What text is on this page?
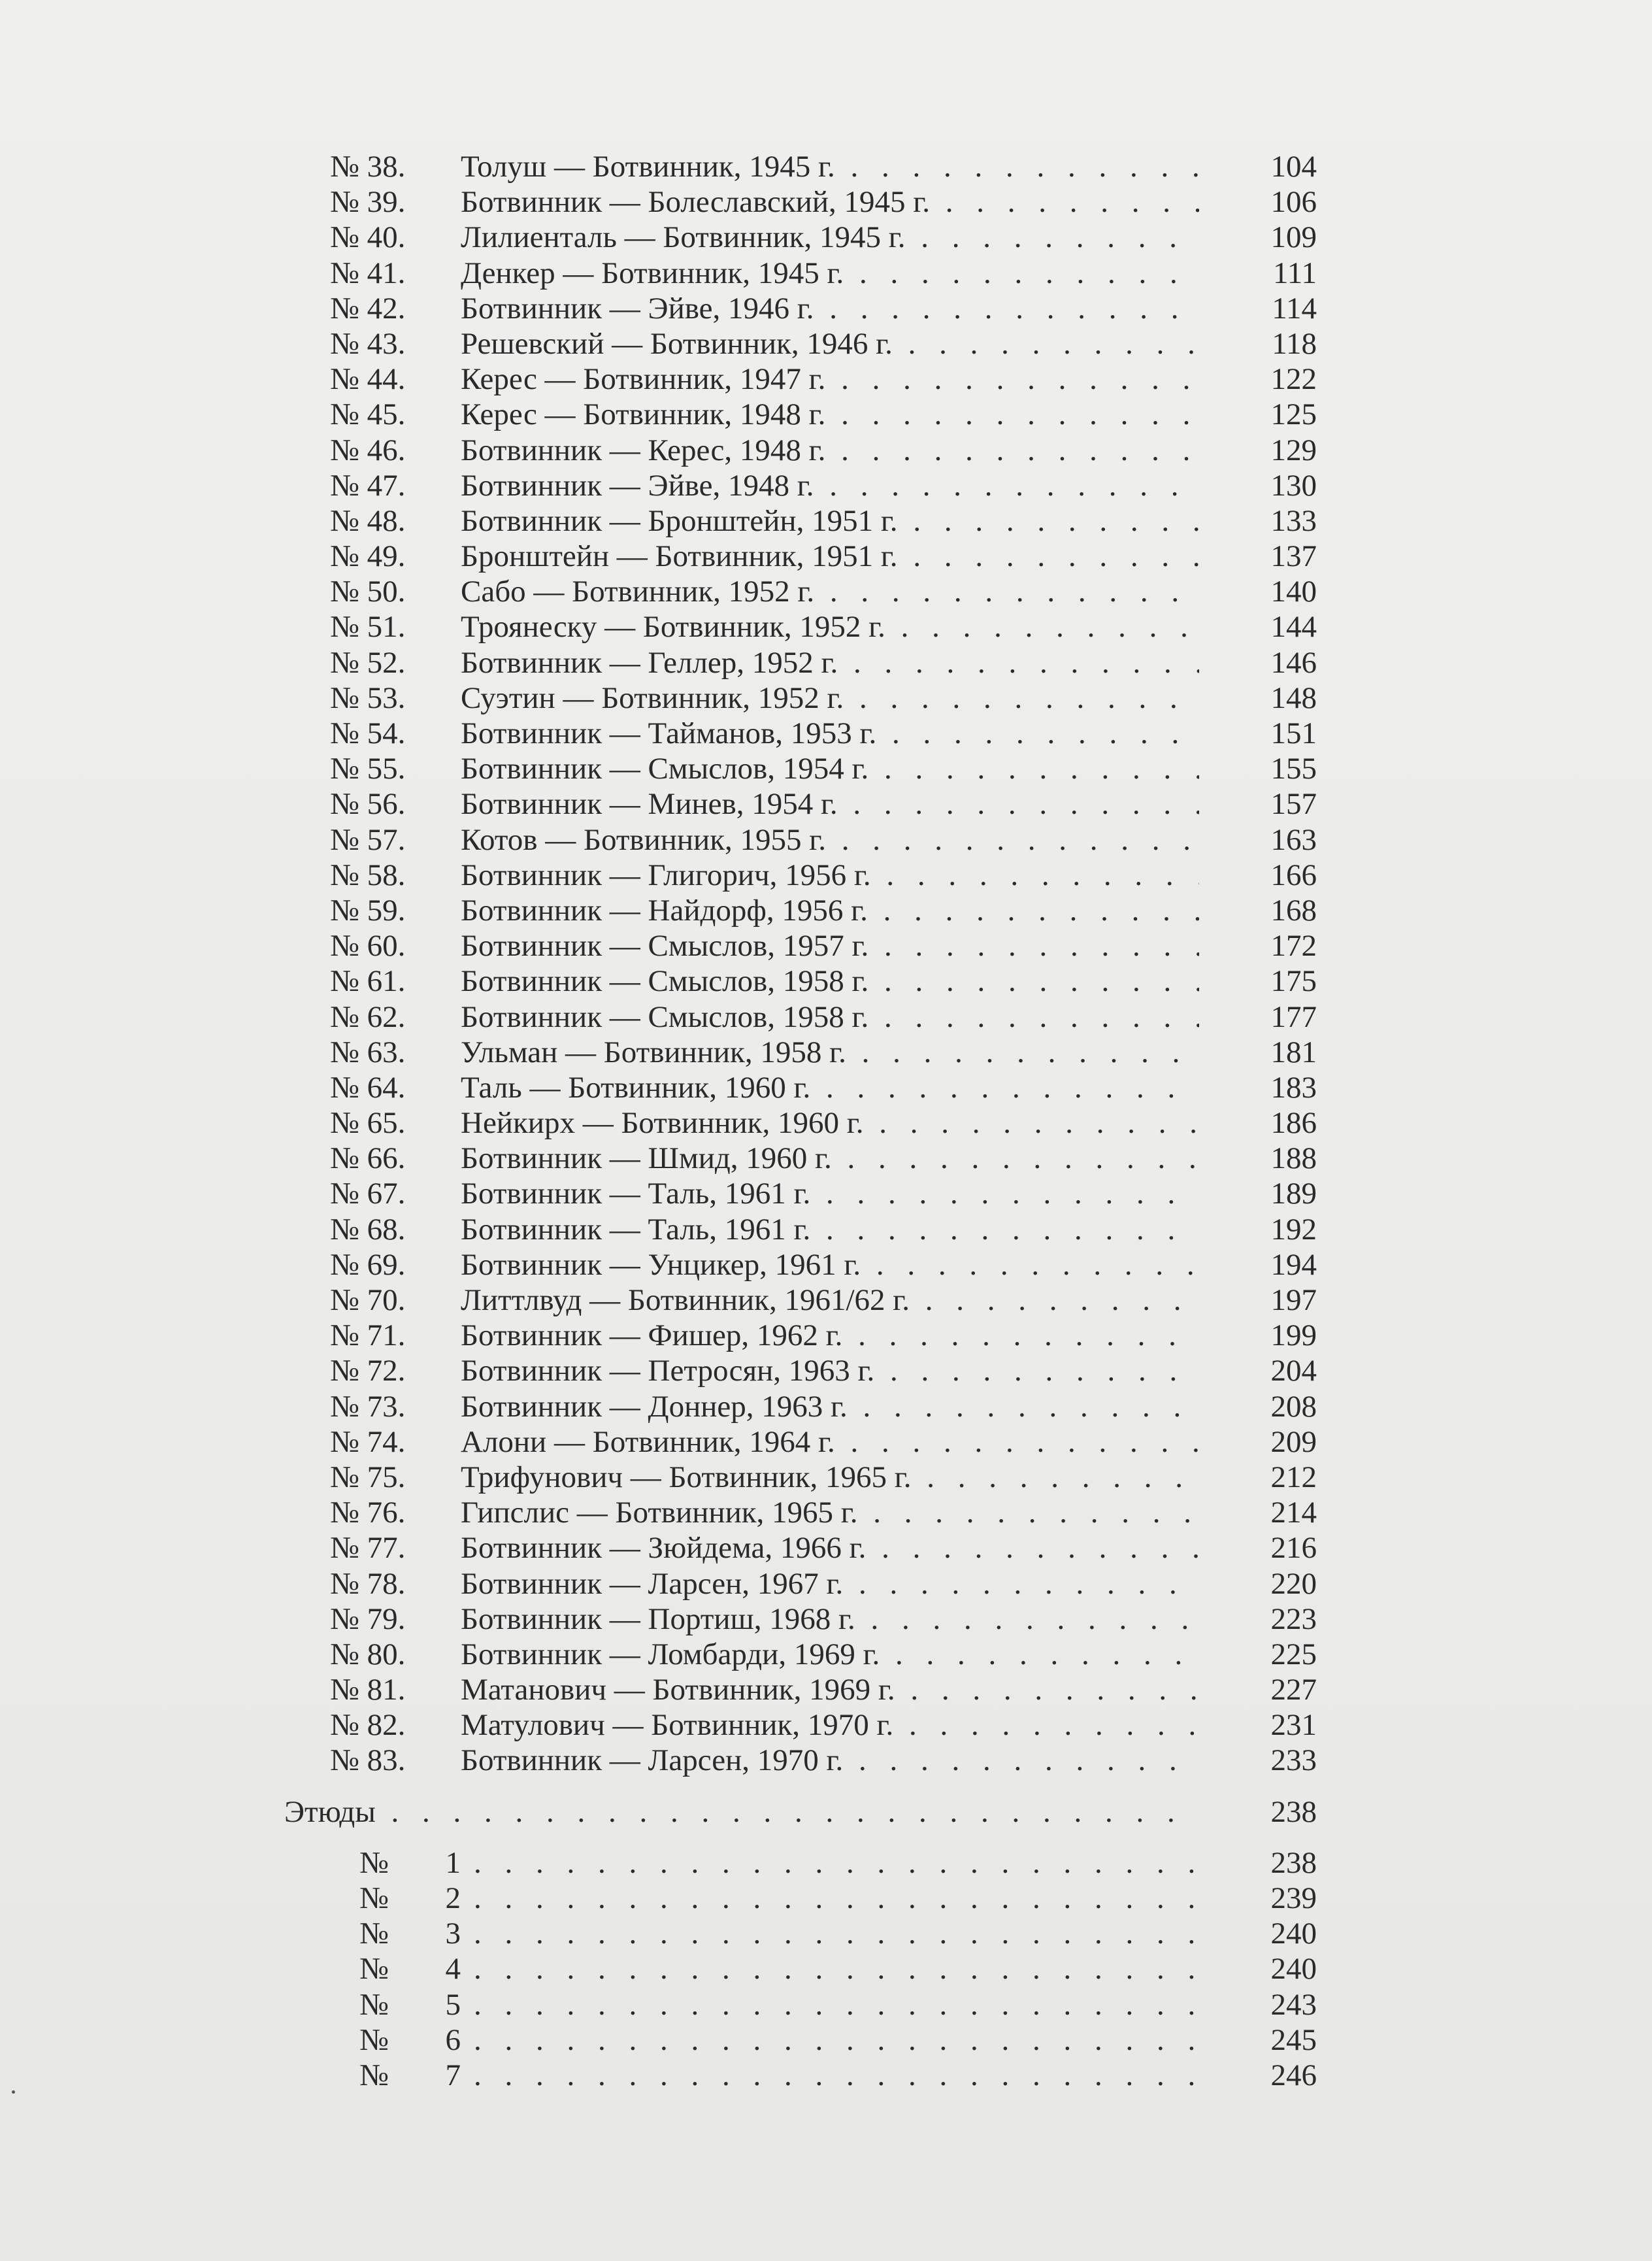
№ 38.	Толуш — Ботвинник, 1945 г. . . .	104
№ 39.	Ботвинник — Болеславский, 1945 г. . . .	106
№ 40.	Лилиенталь — Ботвинник, 1945 г. . . .	109
№ 41.	Денкер — Ботвинник, 1945 г. . . .	111
№ 42.	Ботвинник — Эйве, 1946 г. . . .	114
№ 43.	Решевский — Ботвинник, 1946 г. . . .	118
№ 44.	Керес — Ботвинник, 1947 г. . . .	122
№ 45.	Керес — Ботвинник, 1948 г. . . .	125
№ 46.	Ботвинник — Керес, 1948 г. . . .	129
№ 47.	Ботвинник — Эйве, 1948 г. . . .	130
№ 48.	Ботвинник — Бронштейн, 1951 г. . . .	133
№ 49.	Бронштейн — Ботвинник, 1951 г. . . .	137
№ 50.	Сабо — Ботвинник, 1952 г. . . .	140
№ 51.	Троянеску — Ботвинник, 1952 г. . . .	144
№ 52.	Ботвинник — Геллер, 1952 г. . . .	146
№ 53.	Суэтин — Ботвинник, 1952 г. . . .	148
№ 54.	Ботвинник — Тайманов, 1953 г. . . .	151
№ 55.	Ботвинник — Смыслов, 1954 г. . . .	155
№ 56.	Ботвинник — Минев, 1954 г. . . .	157
№ 57.	Котов — Ботвинник, 1955 г. . . .	163
№ 58.	Ботвинник — Глигорич, 1956 г. . . .	166
№ 59.	Ботвинник — Найдорф, 1956 г. . . .	168
№ 60.	Ботвинник — Смыслов, 1957 г. . . .	172
№ 61.	Ботвинник — Смыслов, 1958 г. . . .	175
№ 62.	Ботвинник — Смыслов, 1958 г. . . .	177
№ 63.	Ульман — Ботвинник, 1958 г. . . .	181
№ 64.	Таль — Ботвинник, 1960 г. . . .	183
№ 65.	Нейкирх — Ботвинник, 1960 г. . . .	186
№ 66.	Ботвинник — Шмид, 1960 г. . . .	188
№ 67.	Ботвинник — Таль, 1961 г. . . .	189
№ 68.	Ботвинник — Таль, 1961 г. . . .	192
№ 69.	Ботвинник — Унцикер, 1961 г. . . .	194
№ 70.	Литтлвуд — Ботвинник, 1961/62 г. . . .	197
№ 71.	Ботвинник — Фишер, 1962 г. . . .	199
№ 72.	Ботвинник — Петросян, 1963 г. . . .	204
№ 73.	Ботвинник — Доннер, 1963 г. . . .	208
№ 74.	Алони — Ботвинник, 1964 г. . . .	209
№ 75.	Трифунович — Ботвинник, 1965 г. . . .	212
№ 76.	Гипслис — Ботвинник, 1965 г. . . .	214
№ 77.	Ботвинник — Зюйдема, 1966 г. . . .	216
№ 78.	Ботвинник — Ларсен, 1967 г. . . .	220
№ 79.	Ботвинник — Портиш, 1968 г. . . .	223
№ 80.	Ботвинник — Ломбарди, 1969 г. . . .	225
№ 81.	Матанович — Ботвинник, 1969 г. . . .	227
№ 82.	Матулович — Ботвинник, 1970 г. . . .	231
№ 83.	Ботвинник — Ларсен, 1970 г. . . .	233
Этюды . . .	238
№	1 . . .	238
№	2 . . .	239
№	3 . . .	240
№	4 . . .	240
№	5 . . .	243
№	6 . . .	245
№	7 . . .	246
